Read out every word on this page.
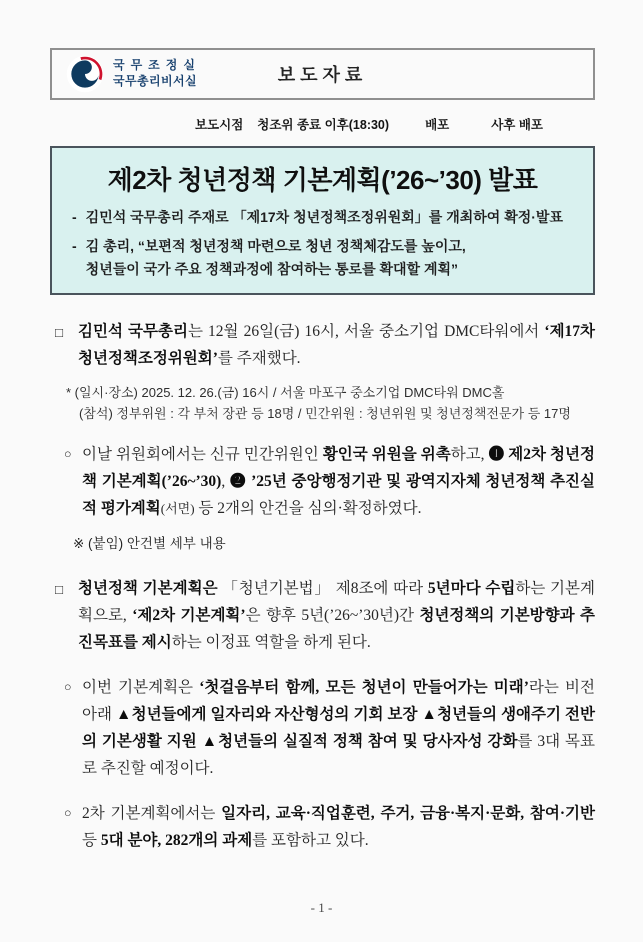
국무조정실
국무총리비서실	보도자료
보도시점 청조위 종료 이후(18:30)	배포	사후 배포
제2차 청년정책 기본계획(’26~’30) 발표
- 김민석 국무총리 주재로 「제17차 청년정책조정위원회」를 개최하여 확정·발표
- 김 총리, “보편적 청년정책 마련으로 청년 정책체감도를 높이고,
청년들이 국가 주요 정책과정에 참여하는 통로를 확대할 계획”
□ 김민석 국무총리는 12월 26일(금) 16시, 서울 중소기업 DMC타워에서 ‘제17차 청년정책조정위원회’를 주재했다.
* (일시·장소) 2025. 12. 26.(금) 16시 / 서울 마포구 중소기업 DMC타워 DMC홀
(참석) 정부위원 : 각 부처 장관 등 18명 / 민간위원 : 청년위원 및 청년정책전문가 등 17명
○ 이날 위원회에서는 신규 민간위원인 황인국 위원을 위촉하고, ❶ 제2차 청년정책 기본계획(’26~’30), ❷ ’25년 중앙행정기관 및 광역지자체 청년정책 추진실적 평가계획(서면) 등 2개의 안건을 심의·확정하였다.
※ (붙임) 안건별 세부 내용
□ 청년정책 기본계획은 「청년기본법」 제8조에 따라 5년마다 수립하는 기본계획으로, ‘제2차 기본계획’은 향후 5년(’26~’30년)간 청년정책의 기본방향과 추진목표를 제시하는 이정표 역할을 하게 된다.
○ 이번 기본계획은 ‘첫걸음부터 함께, 모든 청년이 만들어가는 미래’라는 비전 아래 ▲청년들에게 일자리와 자산형성의 기회 보장 ▲청년들의 생애주기 전반의 기본생활 지원 ▲청년들의 실질적 정책 참여 및 당사자성 강화를 3대 목표로 추진할 예정이다.
○ 2차 기본계획에서는 일자리, 교육·직업훈련, 주거, 금융·복지·문화, 참여·기반 등 5대 분야, 282개의 과제를 포함하고 있다.
- 1 -
